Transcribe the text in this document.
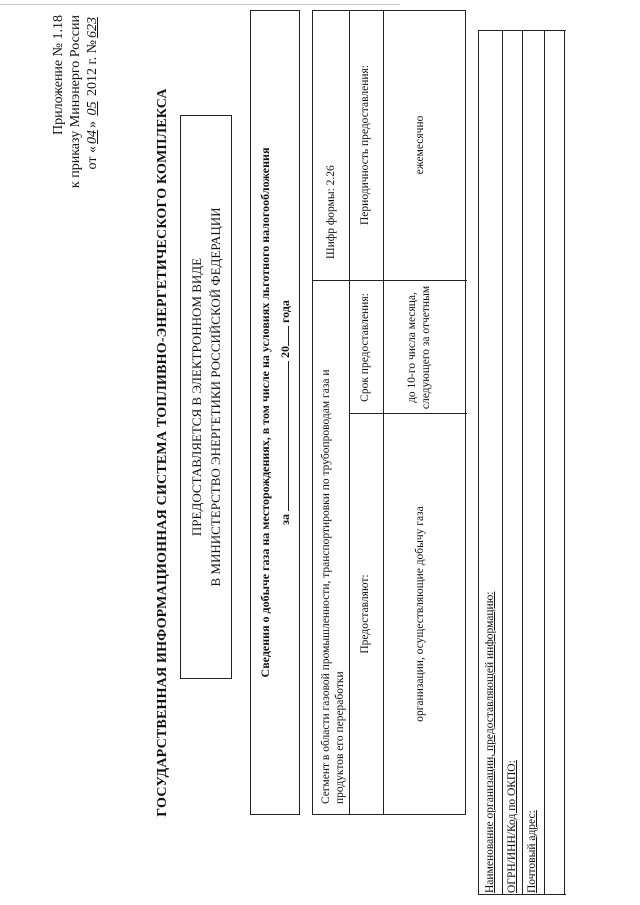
Приложение № 1.18 к приказу Минэнерго России от «04» 05 2012 г. №623
ГОСУДАРСТВЕННАЯ ИНФОРМАЦИОННАЯ СИСТЕМА ТОПЛИВНО-ЭНЕРГЕТИЧЕСКОГО КОМПЛЕКСА ПРЕДОСТАВЛЯЕТСЯ В ЭЛЕКТРОННОМ ВИДЕ В МИНИСТЕРСТВО ЭНЕРГЕТИКИ РОССИЙСКОЙ ФЕДЕРАЦИИ	Сведения о добыче газа на месторождениях, в том числе на условиях льготного налогообложения за  20 года
Сегмент в области газовой промышленности, транспортировки по трубопроводам газа и продуктов его переработки
Шифр формы: 2.26
Предоставляют:
Срок предоставления:
Периодичность предоставления:
организации, осуществляющие добычу газа
до 10-го числа месяца, следующего за отчетным
ежемесячно
Наименование организации, предоставляющей информацию: ОГРН/ИНН/Код по ОКПО: Почтовый адрес:
